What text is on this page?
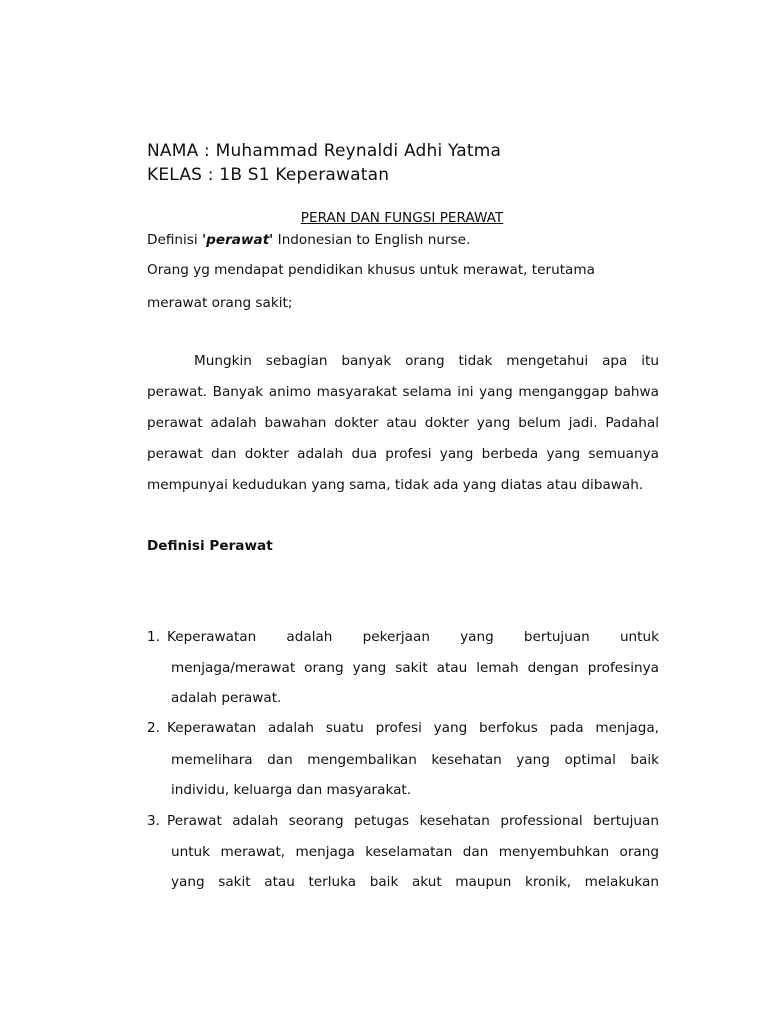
NAMA : Muhammad Reynaldi Adhi Yatma
KELAS : 1B S1 Keperawatan
PERAN DAN FUNGSI PERAWAT
Definisi 'perawat' Indonesian to English nurse.
Orang yg mendapat pendidikan khusus untuk merawat, terutama
merawat orang sakit;
Mungkin sebagian banyak orang tidak mengetahui apa itu
perawat. Banyak animo masyarakat selama ini yang menganggap bahwa
perawat adalah bawahan dokter atau dokter yang belum jadi. Padahal
perawat dan dokter adalah dua profesi yang berbeda yang semuanya
mempunyai kedudukan yang sama, tidak ada yang diatas atau dibawah.
Definisi Perawat
1. Keperawatan adalah pekerjaan yang bertujuan untuk
menjaga/merawat orang yang sakit atau lemah dengan profesinya
adalah perawat.
2. Keperawatan adalah suatu profesi yang berfokus pada menjaga,
memelihara dan mengembalikan kesehatan yang optimal baik
individu, keluarga dan masyarakat.
3. Perawat adalah seorang petugas kesehatan professional bertujuan
untuk merawat, menjaga keselamatan dan menyembuhkan orang
yang sakit atau terluka baik akut maupun kronik, melakukan
